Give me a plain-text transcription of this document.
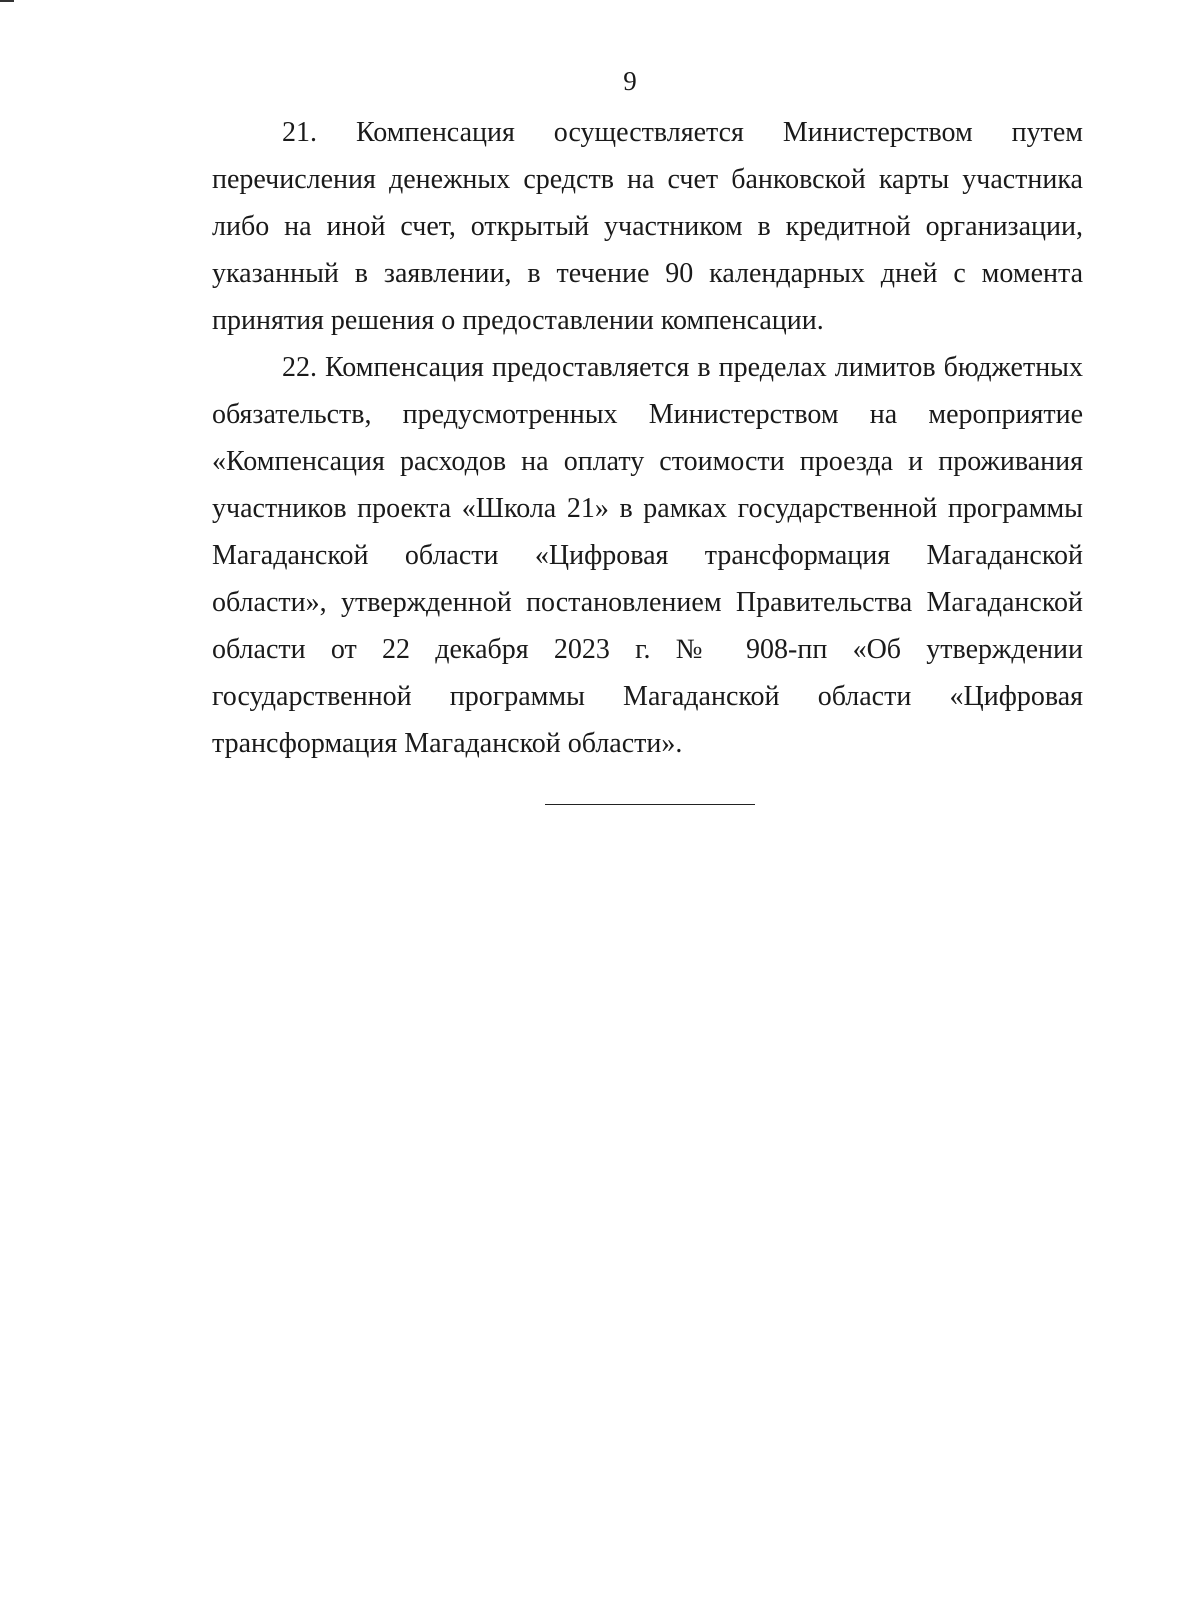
9

21. Компенсация осуществляется Министерством путем перечисления денежных средств на счет банковской карты участника либо на иной счет, открытый участником в кредитной организации, указанный в заявлении, в течение 90 календарных дней с момента принятия решения о предоставлении компенсации.

22. Компенсация предоставляется в пределах лимитов бюджетных обязательств, предусмотренных Министерством на мероприятие «Компенсация расходов на оплату стоимости проезда и проживания участников проекта «Школа 21» в рамках государственной программы Магаданской области «Цифровая трансформация Магаданской области», утвержденной постановлением Правительства Магаданской области от 22 декабря 2023 г. № 908-пп «Об утверждении государственной программы Магаданской области «Цифровая трансформация Магаданской области».
